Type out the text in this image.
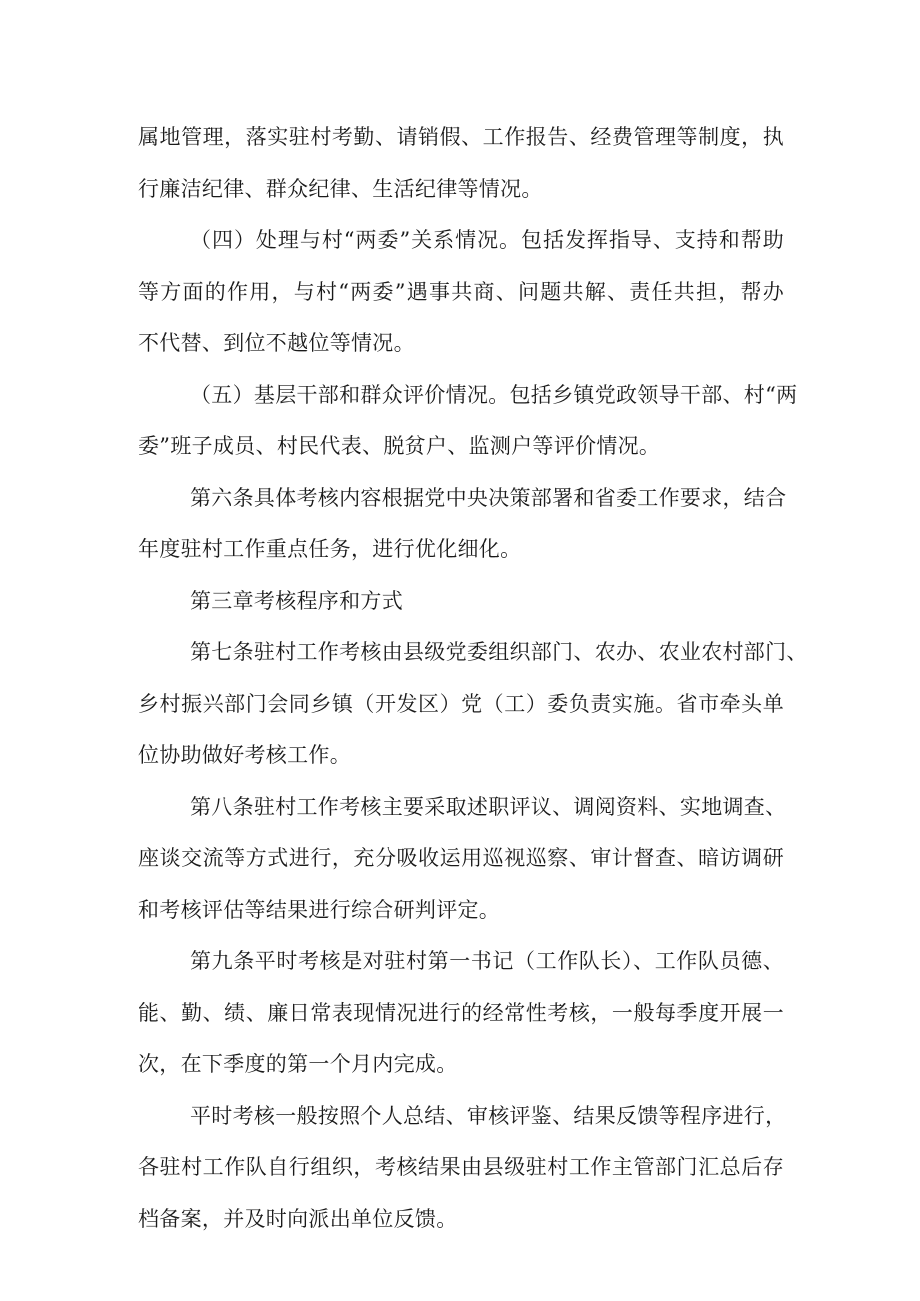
属地管理，落实驻村考勤、请销假、工作报告、经费管理等制度，执
行廉洁纪律、群众纪律、生活纪律等情况。
（四）处理与村“两委”关系情况。包括发挥指导、支持和帮助
等方面的作用，与村“两委”遇事共商、问题共解、责任共担，帮办
不代替、到位不越位等情况。
（五）基层干部和群众评价情况。包括乡镇党政领导干部、村“两
委”班子成员、村民代表、脱贫户、监测户等评价情况。
第六条具体考核内容根据党中央决策部署和省委工作要求，结合
年度驻村工作重点任务，进行优化细化。
第三章考核程序和方式
第七条驻村工作考核由县级党委组织部门、农办、农业农村部门、
乡村振兴部门会同乡镇（开发区）党（工）委负责实施。省市牵头单
位协助做好考核工作。
第八条驻村工作考核主要采取述职评议、调阅资料、实地调查、
座谈交流等方式进行，充分吸收运用巡视巡察、审计督查、暗访调研
和考核评估等结果进行综合研判评定。
第九条平时考核是对驻村第一书记（工作队长）、工作队员德、
能、勤、绩、廉日常表现情况进行的经常性考核，一般每季度开展一
次，在下季度的第一个月内完成。
平时考核一般按照个人总结、审核评鉴、结果反馈等程序进行，
各驻村工作队自行组织，考核结果由县级驻村工作主管部门汇总后存
档备案，并及时向派出单位反馈。
